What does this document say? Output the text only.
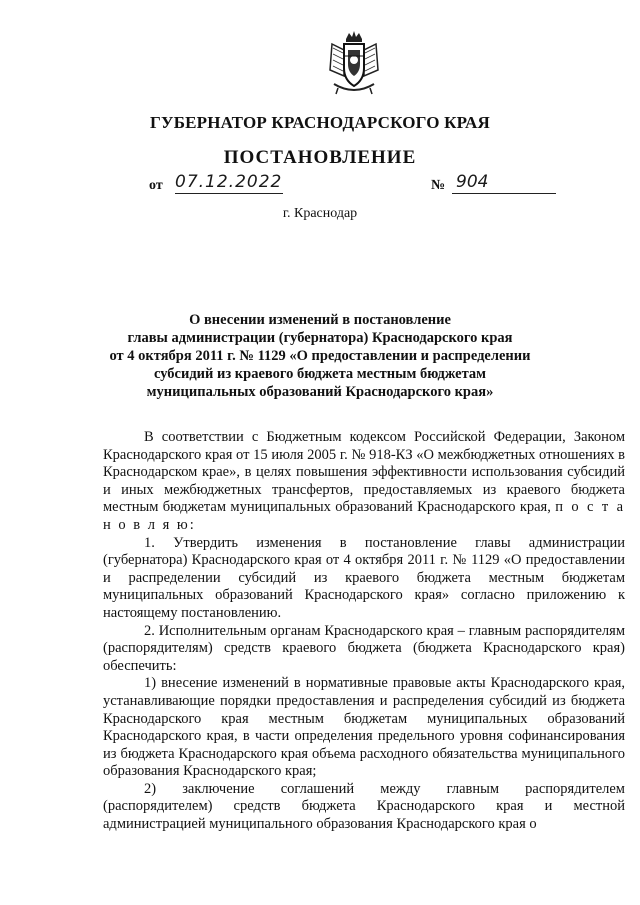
ГУБЕРНАТОР КРАСНОДАРСКОГО КРАЯ
ПОСТАНОВЛЕНИЕ
от 07.12.2022	№ 904
г. Краснодар
О внесении изменений в постановление
главы администрации (губернатора) Краснодарского края
от 4 октября 2011 г. № 1129 «О предоставлении и распределении
субсидий из краевого бюджета местным бюджетам
муниципальных образований Краснодарского края»

В соответствии с Бюджетным кодексом Российской Федерации, Законом Краснодарского края от 15 июля 2005 г. № 918-КЗ «О межбюджетных отношениях в Краснодарском крае», в целях повышения эффективности использования субсидий и иных межбюджетных трансфертов, предоставляемых из краевого бюджета местным бюджетам муниципальных образований Краснодарского края, п о с т а н о в л я ю:

1. Утвердить изменения в постановление главы администрации (губернатора) Краснодарского края от 4 октября 2011 г. № 1129 «О предоставлении и распределении субсидий из краевого бюджета местным бюджетам муниципальных образований Краснодарского края» согласно приложению к настоящему постановлению.

2. Исполнительным органам Краснодарского края – главным распорядителям (распорядителям) средств краевого бюджета (бюджета Краснодарского края) обеспечить:

1) внесение изменений в нормативные правовые акты Краснодарского края, устанавливающие порядки предоставления и распределения субсидий из бюджета Краснодарского края местным бюджетам муниципальных образований Краснодарского края, в части определения предельного уровня софинансирования из бюджета Краснодарского края объема расходного обязательства муниципального образования Краснодарского края;

2) заключение соглашений между главным распорядителем (распорядителем) средств бюджета Краснодарского края и местной администрацией муниципального образования Краснодарского края о
